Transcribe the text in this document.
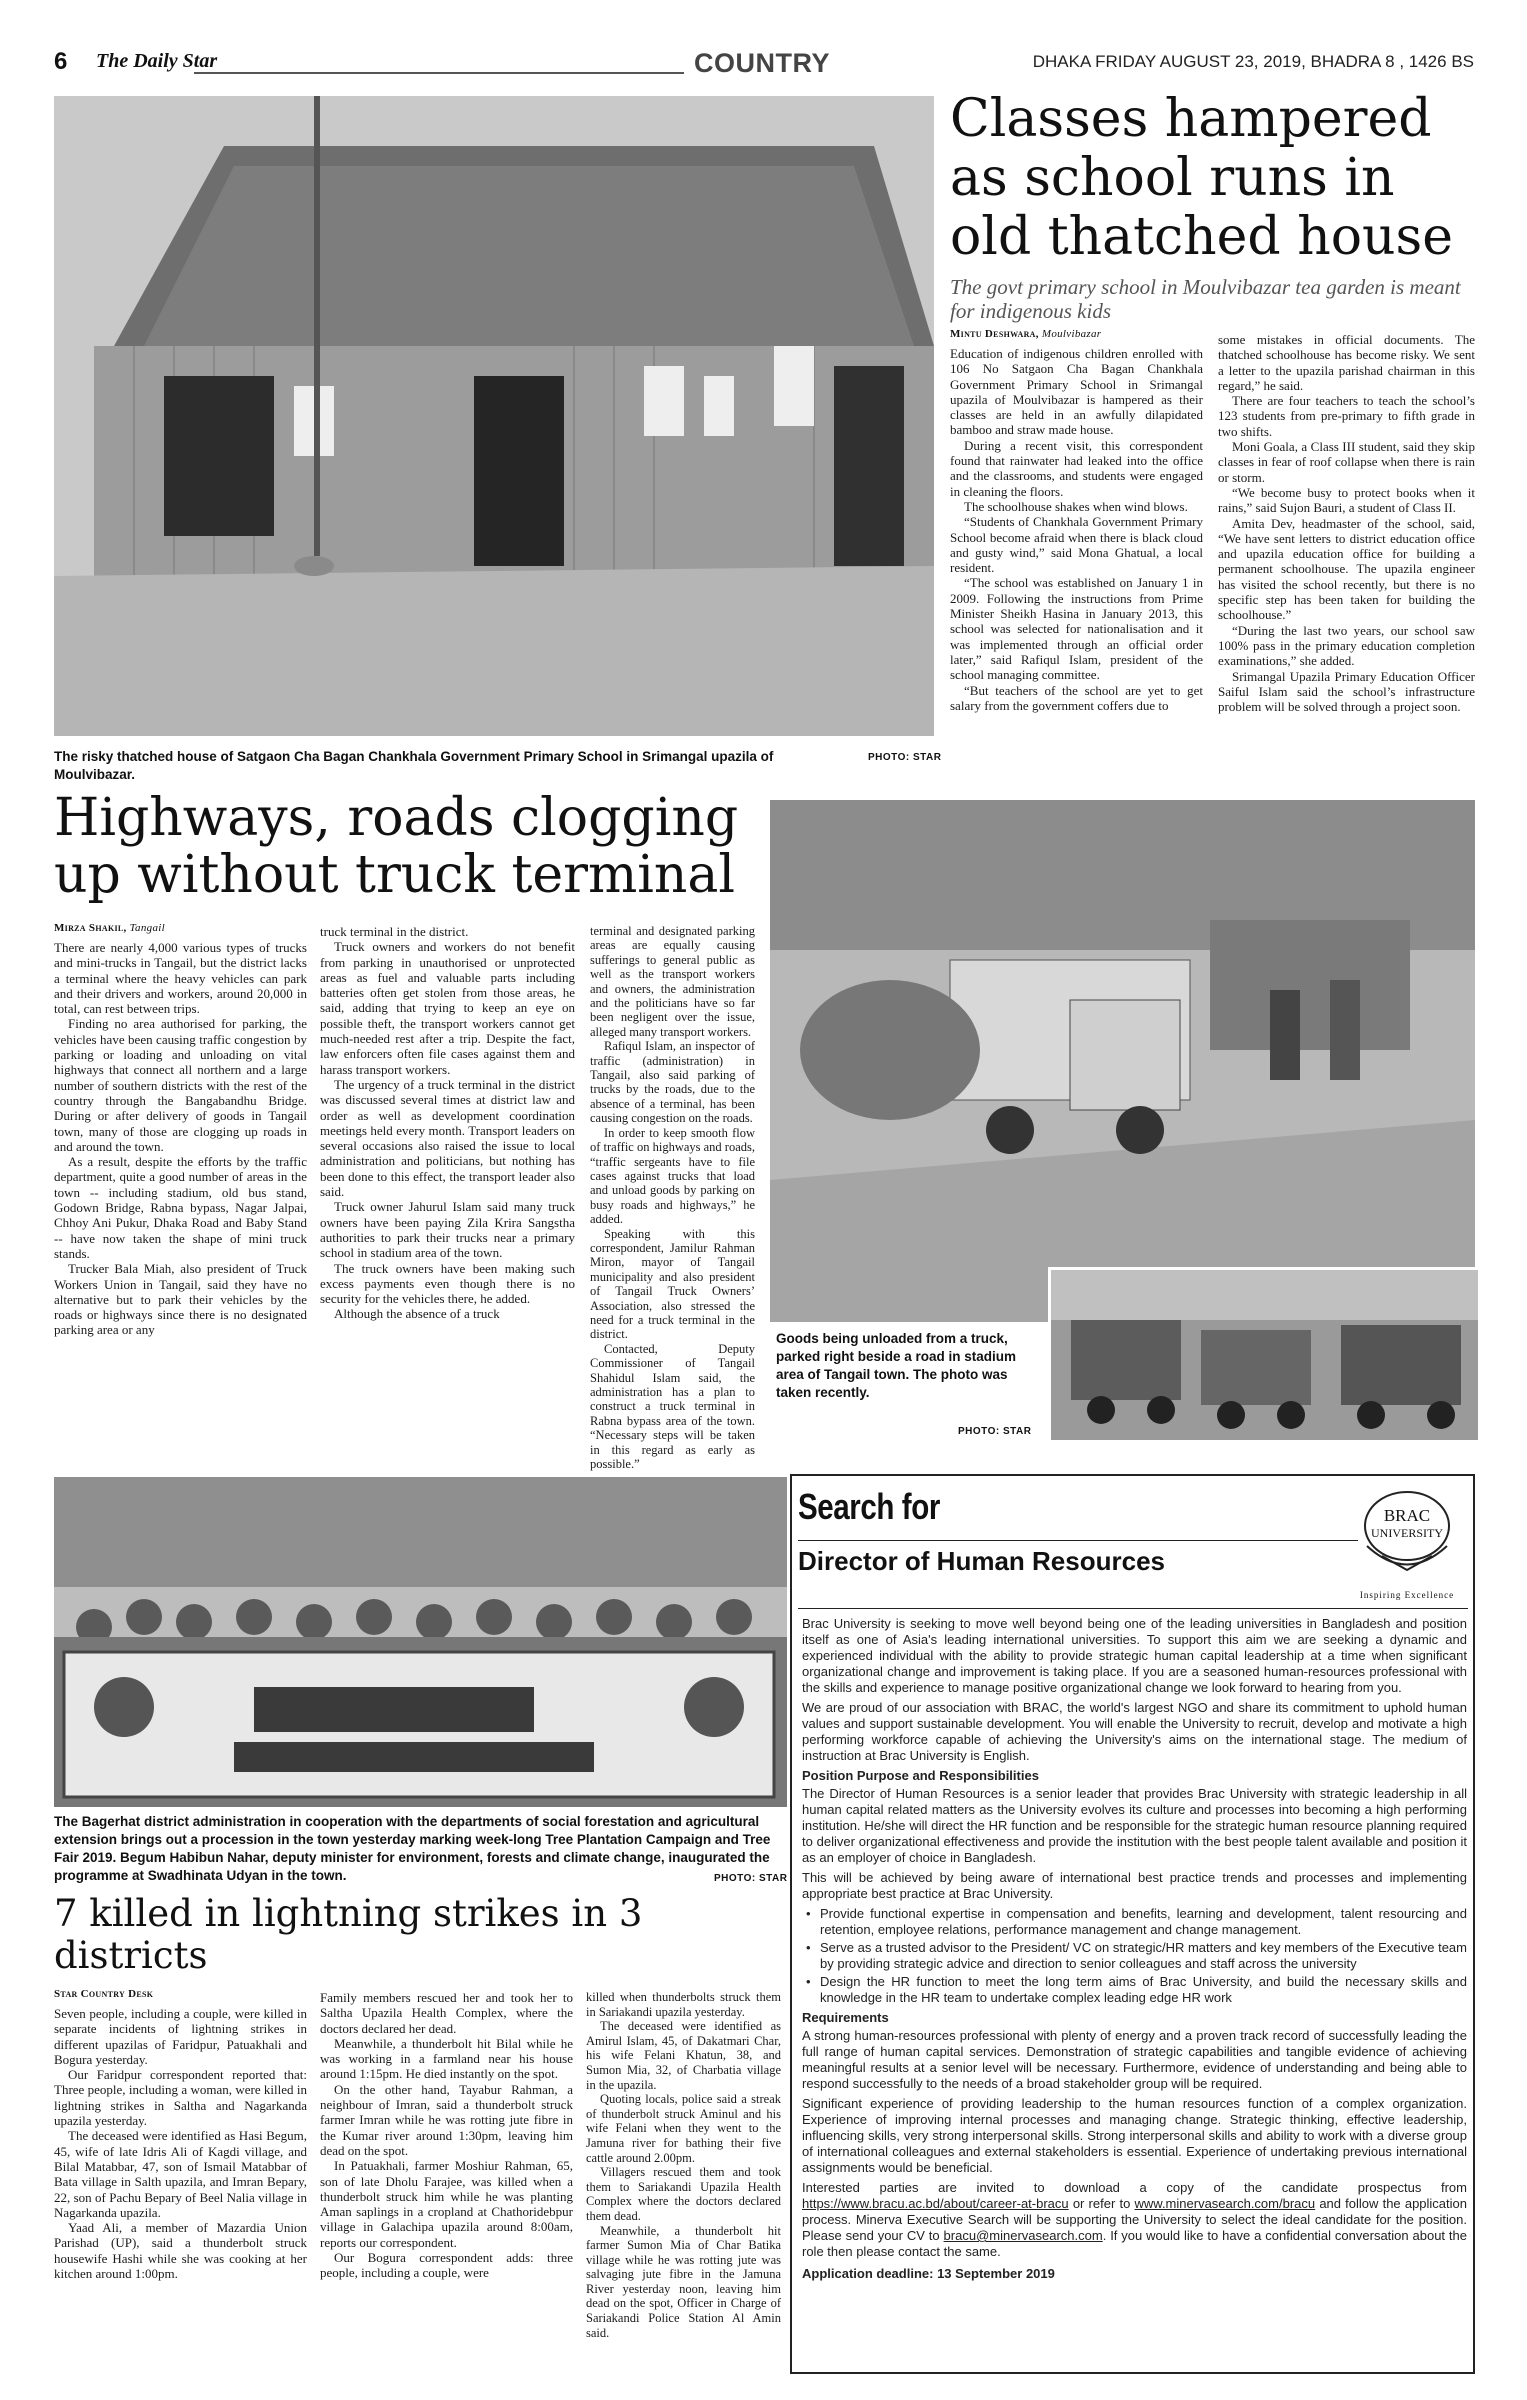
6 The Daily Star	COUNTRY	DHAKA FRIDAY AUGUST 23, 2019, BHADRA 8 , 1426 BS
The risky thatched house of Satgaon Cha Bagan Chankhala Government Primary School in Srimangal upazila of Moulvibazar.
PHOTO: STAR
Classes hampered as school runs in old thatched house
The govt primary school in Moulvibazar tea garden is meant for indigenous kids
Mintu Deshwara, Moulvibazar

Education of indigenous children enrolled with 106 No Satgaon Cha Bagan Chankhala Government Primary School in Srimangal upazila of Moulvibazar is hampered as their classes are held in an awfully dilapidated bamboo and straw made house.

During a recent visit, this correspondent found that rainwater had leaked into the office and the classrooms, and students were engaged in cleaning the floors.

The schoolhouse shakes when wind blows.

“Students of Chankhala Government Primary School become afraid when there is black cloud and gusty wind,” said Mona Ghatual, a local resident.

“The school was established on January 1 in 2009. Following the instructions from Prime Minister Sheikh Hasina in January 2013, this school was selected for nationalisation and it was implemented through an official order later,” said Rafiqul Islam, president of the school managing committee.

“But teachers of the school are yet to get salary from the government coffers due to

some mistakes in official documents. The thatched schoolhouse has become risky. We sent a letter to the upazila parishad chairman in this regard,” he said.

There are four teachers to teach the school’s 123 students from pre-primary to fifth grade in two shifts.

Moni Goala, a Class III student, said they skip classes in fear of roof collapse when there is rain or storm.

“We become busy to protect books when it rains,” said Sujon Bauri, a student of Class II.

Amita Dev, headmaster of the school, said, “We have sent letters to district education office and upazila education office for building a permanent schoolhouse. The upazila engineer has visited the school recently, but there is no specific step has been taken for building the schoolhouse.”

“During the last two years, our school saw 100% pass in the primary education completion examinations,” she added.

Srimangal Upazila Primary Education Officer Saiful Islam said the school’s infrastructure problem will be solved through a project soon.

Highways, roads clogging up without truck terminal
Mirza Shakil, Tangail

There are nearly 4,000 various types of trucks and mini-trucks in Tangail, but the district lacks a terminal where the heavy vehicles can park and their drivers and workers, around 20,000 in total, can rest between trips.

Finding no area authorised for parking, the vehicles have been causing traffic congestion by parking or loading and unloading on vital highways that connect all northern and a large number of southern districts with the rest of the country through the Bangabandhu Bridge. During or after delivery of goods in Tangail town, many of those are clogging up roads in and around the town.

As a result, despite the efforts by the traffic department, quite a good number of areas in the town -- including stadium, old bus stand, Godown Bridge, Rabna bypass, Nagar Jalpai, Chhoy Ani Pukur, Dhaka Road and Baby Stand -- have now taken the shape of mini truck stands.

Trucker Bala Miah, also president of Truck Workers Union in Tangail, said they have no alternative but to park their vehicles by the roads or highways since there is no designated parking area or any

truck terminal in the district.

Truck owners and workers do not benefit from parking in unauthorised or unprotected areas as fuel and valuable parts including batteries often get stolen from those areas, he said, adding that trying to keep an eye on possible theft, the transport workers cannot get much-needed rest after a trip. Despite the fact, law enforcers often file cases against them and harass transport workers.

The urgency of a truck terminal in the district was discussed several times at district law and order as well as development coordination meetings held every month. Transport leaders on several occasions also raised the issue to local administration and politicians, but nothing has been done to this effect, the transport leader also said.

Truck owner Jahurul Islam said many truck owners have been paying Zila Krira Sangstha authorities to park their trucks near a primary school in stadium area of the town.

The truck owners have been making such excess payments even though there is no security for the vehicles there, he added.

Although the absence of a truck

terminal and designated parking areas are equally causing sufferings to general public as well as the transport workers and owners, the administration and the politicians have so far been negligent over the issue, alleged many transport workers.

Rafiqul Islam, an inspector of traffic (administration) in Tangail, also said parking of trucks by the roads, due to the absence of a terminal, has been causing congestion on the roads.

In order to keep smooth flow of traffic on highways and roads, “traffic sergeants have to file cases against trucks that load and unload goods by parking on busy roads and highways,” he added.

Speaking with this correspondent, Jamilur Rahman Miron, mayor of Tangail municipality and also president of Tangail Truck Owners’ Association, also stressed the need for a truck terminal in the district.

Contacted, Deputy Commissioner of Tangail Shahidul Islam said, the administration has a plan to construct a truck terminal in Rabna bypass area of the town. “Necessary steps will be taken in this regard as early as possible.”

Goods being unloaded from a truck, parked right beside a road in stadium area of Tangail town. The photo was taken recently.
PHOTO: STAR
The Bagerhat district administration in cooperation with the departments of social forestation and agricultural extension brings out a procession in the town yesterday marking week-long Tree Plantation Campaign and Tree Fair 2019. Begum Habibun Nahar, deputy minister for environment, forests and climate change, inaugurated the programme at Swadhinata Udyan in the town.	PHOTO: STAR
7 killed in lightning strikes in 3 districts
Star Country Desk

Seven people, including a couple, were killed in separate incidents of lightning strikes in different upazilas of Faridpur, Patuakhali and Bogura yesterday.

Our Faridpur correspondent reported that: Three people, including a woman, were killed in lightning strikes in Saltha and Nagarkanda upazila yesterday.

The deceased were identified as Hasi Begum, 45, wife of late Idris Ali of Kagdi village, and Bilal Matabbar, 47, son of Ismail Matabbar of Bata village in Salth upazila, and Imran Bepary, 22, son of Pachu Bepary of Beel Nalia village in Nagarkanda upazila.

Yaad Ali, a member of Mazardia Union Parishad (UP), said a thunderbolt struck housewife Hashi while she was cooking at her kitchen around 1:00pm.

Family members rescued her and took her to Saltha Upazila Health Complex, where the doctors declared her dead.

Meanwhile, a thunderbolt hit Bilal while he was working in a farmland near his house around 1:15pm. He died instantly on the spot.

On the other hand, Tayabur Rahman, a neighbour of Imran, said a thunderbolt struck farmer Imran while he was rotting jute fibre in the Kumar river around 1:30pm, leaving him dead on the spot.

In Patuakhali, farmer Moshiur Rahman, 65, son of late Dholu Farajee, was killed when a thunderbolt struck him while he was planting Aman saplings in a cropland at Chathoridebpur village in Galachipa upazila around 8:00am, reports our correspondent.

Our Bogura correspondent adds: three people, including a couple, were

Search for
Director of Human Resources
BRAC
UNIVERSITY
Inspiring Excellence

Brac University is seeking to move well beyond being one of the leading universities in Bangladesh and position itself as one of Asia's leading international universities. To support this aim we are seeking a dynamic and experienced individual with the ability to provide strategic human capital leadership at a time when significant organizational change and improvement is taking place. If you are a seasoned human-resources professional with the skills and experience to manage positive organizational change we look forward to hearing from you.

We are proud of our association with BRAC, the world's largest NGO and share its commitment to uphold human values and support sustainable development. You will enable the University to recruit, develop and motivate a high performing workforce capable of achieving the University's aims on the international stage. The medium of instruction at Brac University is English.

Position Purpose and Responsibilities

The Director of Human Resources is a senior leader that provides Brac University with strategic leadership in all human capital related matters as the University evolves its culture and processes into becoming a high performing institution. He/she will direct the HR function and be responsible for the strategic human resource planning required to deliver organizational effectiveness and provide the institution with the best people talent available and position it as an employer of choice in Bangladesh.

This will be achieved by being aware of international best practice trends and processes and implementing appropriate best practice at Brac University.

• Provide functional expertise in compensation and benefits, learning and development, talent resourcing and retention, employee relations, performance management and change management.
• Serve as a trusted advisor to the President/ VC on strategic/HR matters and key members of the Executive team by providing strategic advice and direction to senior colleagues and staff across the university
• Design the HR function to meet the long term aims of Brac University, and build the necessary skills and knowledge in the HR team to undertake complex leading edge HR work
Requirements

A strong human-resources professional with plenty of energy and a proven track record of successfully leading the full range of human capital services. Demonstration of strategic capabilities and tangible evidence of achieving meaningful results at a senior level will be necessary. Furthermore, evidence of understanding and being able to respond successfully to the needs of a broad stakeholder group will be required.

Significant experience of providing leadership to the human resources function of a complex organization. Experience of improving internal processes and managing change. Strategic thinking, effective leadership, influencing skills, very strong interpersonal skills. Strong interpersonal skills and ability to work with a diverse group of international colleagues and external stakeholders is essential. Experience of undertaking previous international assignments would be beneficial.

Interested parties are invited to download a copy of the candidate prospectus from https://www.bracu.ac.bd/about/career-at-bracu or refer to www.minervasearch.com/bracu and follow the application process. Minerva Executive Search will be supporting the University to select the ideal candidate for the position. Please send your CV to bracu@minervasearch.com. If you would like to have a confidential conversation about the role then please contact the same.

Application deadline: 13 September 2019

killed when thunderbolts struck them in Sariakandi upazila yesterday.

The deceased were identified as Amirul Islam, 45, of Dakatmari Char, his wife Felani Khatun, 38, and Sumon Mia, 32, of Charbatia village in the upazila.

Quoting locals, police said a streak of thunderbolt struck Aminul and his wife Felani when they went to the Jamuna river for bathing their five cattle around 2.00pm.

Villagers rescued them and took them to Sariakandi Upazila Health Complex where the doctors declared them dead.

Meanwhile, a thunderbolt hit farmer Sumon Mia of Char Batika village while he was rotting jute was salvaging jute fibre in the Jamuna River yesterday noon, leaving him dead on the spot, Officer in Charge of Sariakandi Police Station Al Amin said.
